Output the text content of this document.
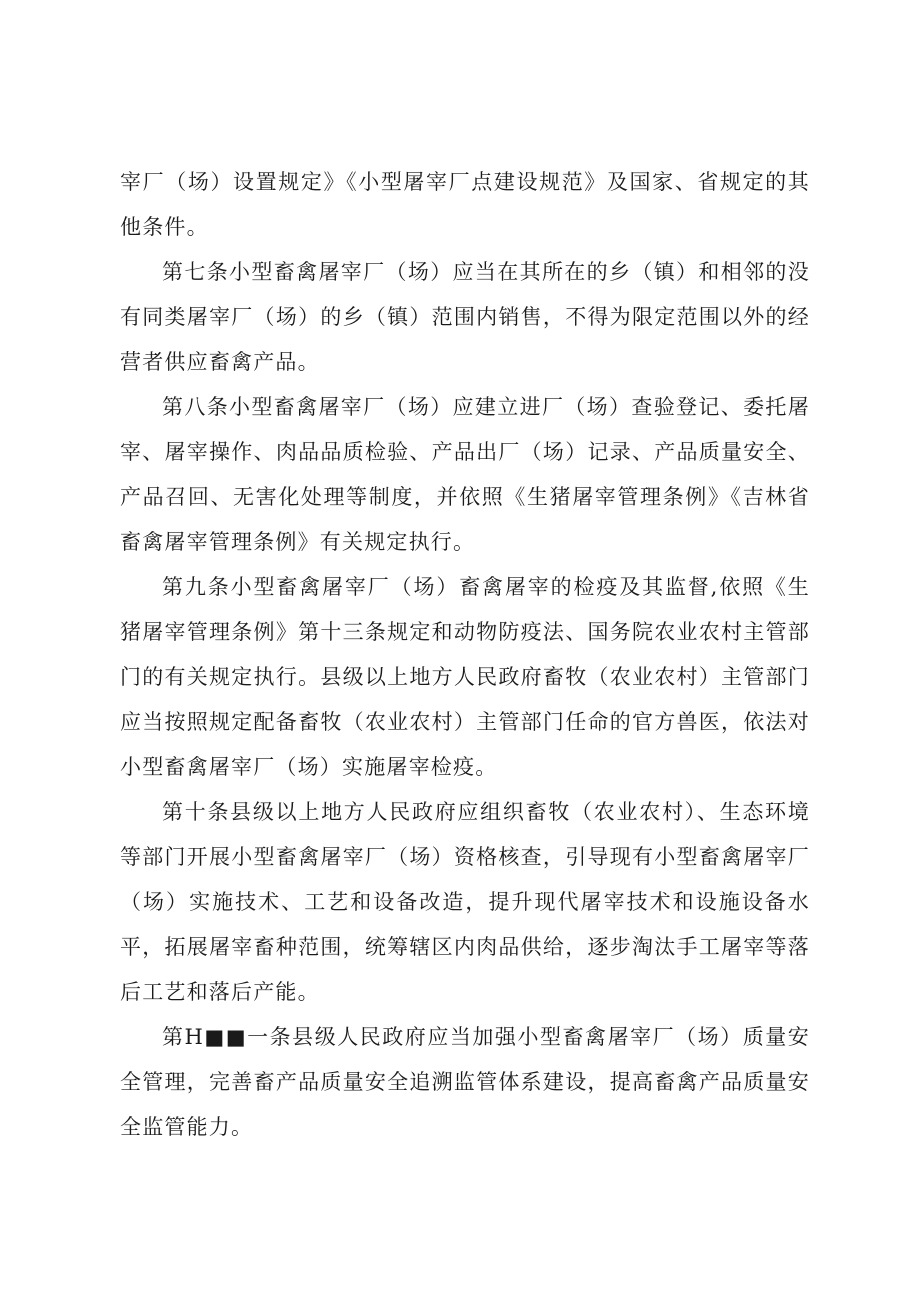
宰厂（场）设置规定》《小型屠宰厂点建设规范》及国家、省规定的其他条件。

第七条小型畜禽屠宰厂（场）应当在其所在的乡（镇）和相邻的没有同类屠宰厂（场）的乡（镇）范围内销售，不得为限定范围以外的经营者供应畜禽产品。

第八条小型畜禽屠宰厂（场）应建立进厂（场）查验登记、委托屠宰、屠宰操作、肉品品质检验、产品出厂（场）记录、产品质量安全、产品召回、无害化处理等制度，并依照《生猪屠宰管理条例》《吉林省畜禽屠宰管理条例》有关规定执行。

第九条小型畜禽屠宰厂（场）畜禽屠宰的检疫及其监督,依照《生猪屠宰管理条例》第十三条规定和动物防疫法、国务院农业农村主管部门的有关规定执行。县级以上地方人民政府畜牧（农业农村）主管部门应当按照规定配备畜牧（农业农村）主管部门任命的官方兽医，依法对小型畜禽屠宰厂（场）实施屠宰检疫。

第十条县级以上地方人民政府应组织畜牧（农业农村）、生态环境等部门开展小型畜禽屠宰厂（场）资格核查，引导现有小型畜禽屠宰厂（场）实施技术、工艺和设备改造，提升现代屠宰技术和设施设备水平，拓展屠宰畜种范围，统筹辖区内肉品供给，逐步淘汰手工屠宰等落后工艺和落后产能。

第H■■一条县级人民政府应当加强小型畜禽屠宰厂（场）质量安全管理，完善畜产品质量安全追溯监管体系建设，提高畜禽产品质量安全监管能力。
